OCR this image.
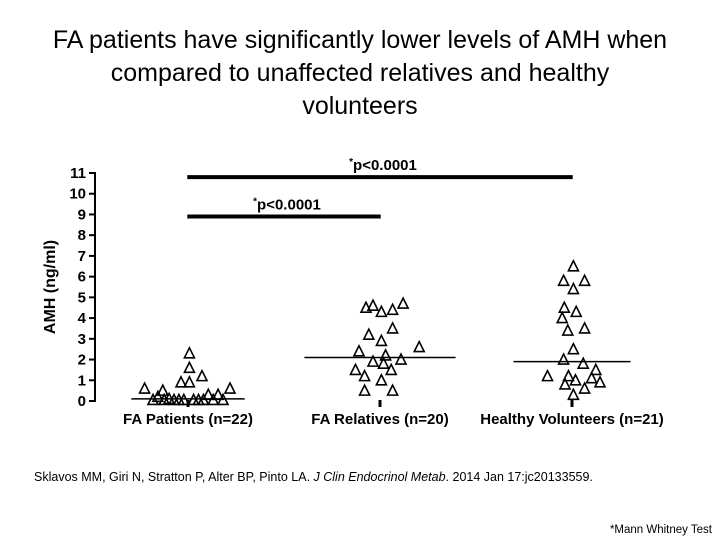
FA patients have significantly lower levels of AMH when
compared to unaffected relatives and healthy
volunteers
AMH (ng/ml)
0
1
2
3
4
5
6
7
8
9
10
11
FA Patients (n=22)	FA Relatives (n=20) Healthy Volunteers (n=21)
*p<0.0001
*p<0.0001
Sklavos MM, Giri N, Stratton P, Alter BP, Pinto LA. J Clin Endocrinol Metab. 2014 Jan 17:jc20133559.
*Mann Whitney Test
